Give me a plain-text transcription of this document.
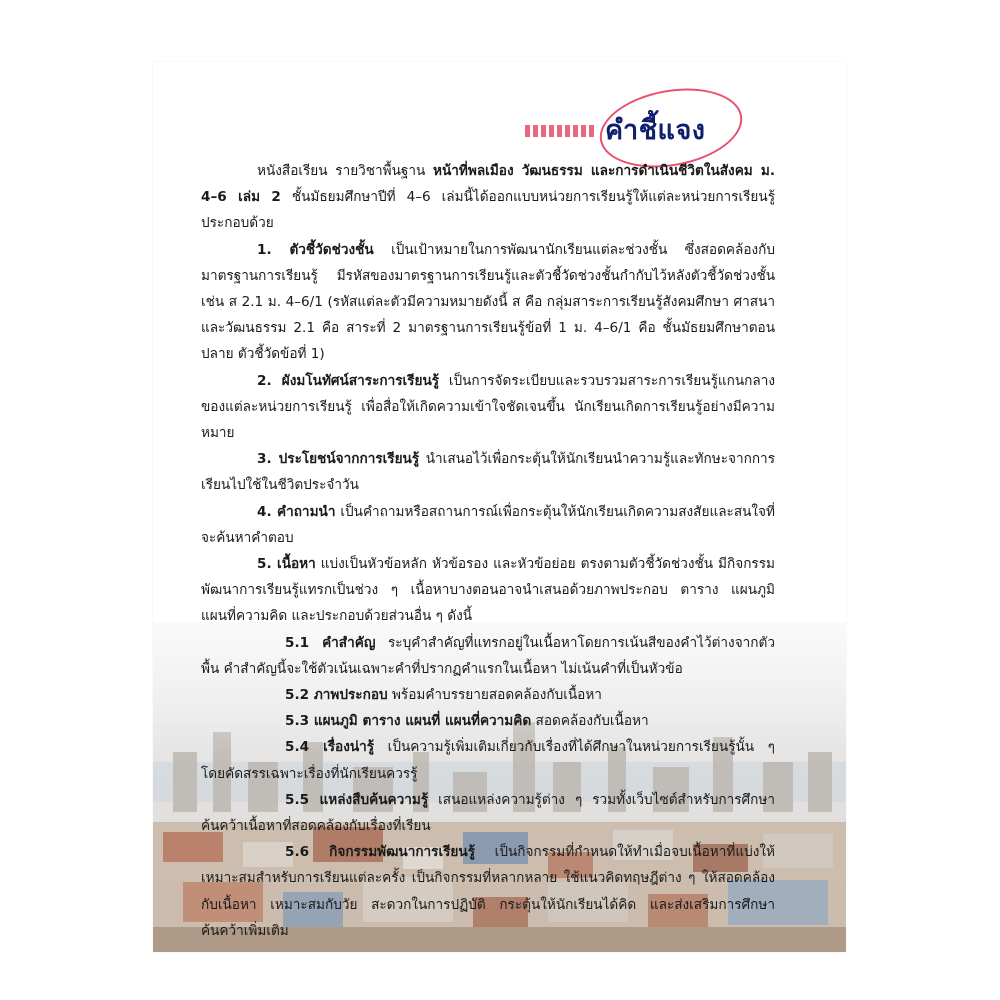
คำชี้แจง

หนังสือเรียน รายวิชาพื้นฐาน หน้าที่พลเมือง วัฒนธรรม และการดำเนินชีวิตในสังคม ม. 4–6 เล่ม 2 ชั้นมัธยมศึกษาปีที่ 4–6 เล่มนี้ได้ออกแบบหน่วยการเรียนรู้ให้แต่ละหน่วยการเรียนรู้ประกอบด้วย

1. ตัวชี้วัดช่วงชั้น เป็นเป้าหมายในการพัฒนานักเรียนแต่ละช่วงชั้น ซึ่งสอดคล้องกับมาตรฐานการเรียนรู้ มีรหัสของมาตรฐานการเรียนรู้และตัวชี้วัดช่วงชั้นกำกับไว้หลังตัวชี้วัดช่วงชั้น เช่น ส 2.1 ม. 4–6/1 (รหัสแต่ละตัวมีความหมายดังนี้ ส คือ กลุ่มสาระการเรียนรู้สังคมศึกษา ศาสนา และวัฒนธรรม 2.1 คือ สาระที่ 2 มาตรฐานการเรียนรู้ข้อที่ 1 ม. 4–6/1 คือ ชั้นมัธยมศึกษาตอนปลาย ตัวชี้วัดข้อที่ 1)

2. ผังมโนทัศน์สาระการเรียนรู้ เป็นการจัดระเบียบและรวบรวมสาระการเรียนรู้แกนกลางของแต่ละหน่วยการเรียนรู้ เพื่อสื่อให้เกิดความเข้าใจชัดเจนขึ้น นักเรียนเกิดการเรียนรู้อย่างมีความหมาย

3. ประโยชน์จากการเรียนรู้ นำเสนอไว้เพื่อกระตุ้นให้นักเรียนนำความรู้และทักษะจากการเรียนไปใช้ในชีวิตประจำวัน

4. คำถามนำ เป็นคำถามหรือสถานการณ์เพื่อกระตุ้นให้นักเรียนเกิดความสงสัยและสนใจที่จะค้นหาคำตอบ

5. เนื้อหา แบ่งเป็นหัวข้อหลัก หัวข้อรอง และหัวข้อย่อย ตรงตามตัวชี้วัดช่วงชั้น มีกิจกรรมพัฒนาการเรียนรู้แทรกเป็นช่วง ๆ เนื้อหาบางตอนอาจนำเสนอด้วยภาพประกอบ ตาราง แผนภูมิ แผนที่ความคิด และประกอบด้วยส่วนอื่น ๆ ดังนี้

5.1 คำสำคัญ ระบุคำสำคัญที่แทรกอยู่ในเนื้อหาโดยการเน้นสีของคำไว้ต่างจากตัวพื้น คำสำคัญนี้จะใช้ตัวเน้นเฉพาะคำที่ปรากฏคำแรกในเนื้อหา ไม่เน้นคำที่เป็นหัวข้อ

5.2 ภาพประกอบ พร้อมคำบรรยายสอดคล้องกับเนื้อหา

5.3 แผนภูมิ ตาราง แผนที่ แผนที่ความคิด สอดคล้องกับเนื้อหา

5.4 เรื่องน่ารู้ เป็นความรู้เพิ่มเติมเกี่ยวกับเรื่องที่ได้ศึกษาในหน่วยการเรียนรู้นั้น ๆ โดยคัดสรรเฉพาะเรื่องที่นักเรียนควรรู้

5.5 แหล่งสืบค้นความรู้ เสนอแหล่งความรู้ต่าง ๆ รวมทั้งเว็บไซต์สำหรับการศึกษาค้นคว้าเนื้อหาที่สอดคล้องกับเรื่องที่เรียน

5.6 กิจกรรมพัฒนาการเรียนรู้ เป็นกิจกรรมที่กำหนดให้ทำเมื่อจบเนื้อหาที่แบ่งให้เหมาะสมสำหรับการเรียนแต่ละครั้ง เป็นกิจกรรมที่หลากหลาย ใช้แนวคิดทฤษฎีต่าง ๆ ให้สอดคล้องกับเนื้อหา เหมาะสมกับวัย สะดวกในการปฏิบัติ กระตุ้นให้นักเรียนได้คิด และส่งเสริมการศึกษาค้นคว้าเพิ่มเติม
